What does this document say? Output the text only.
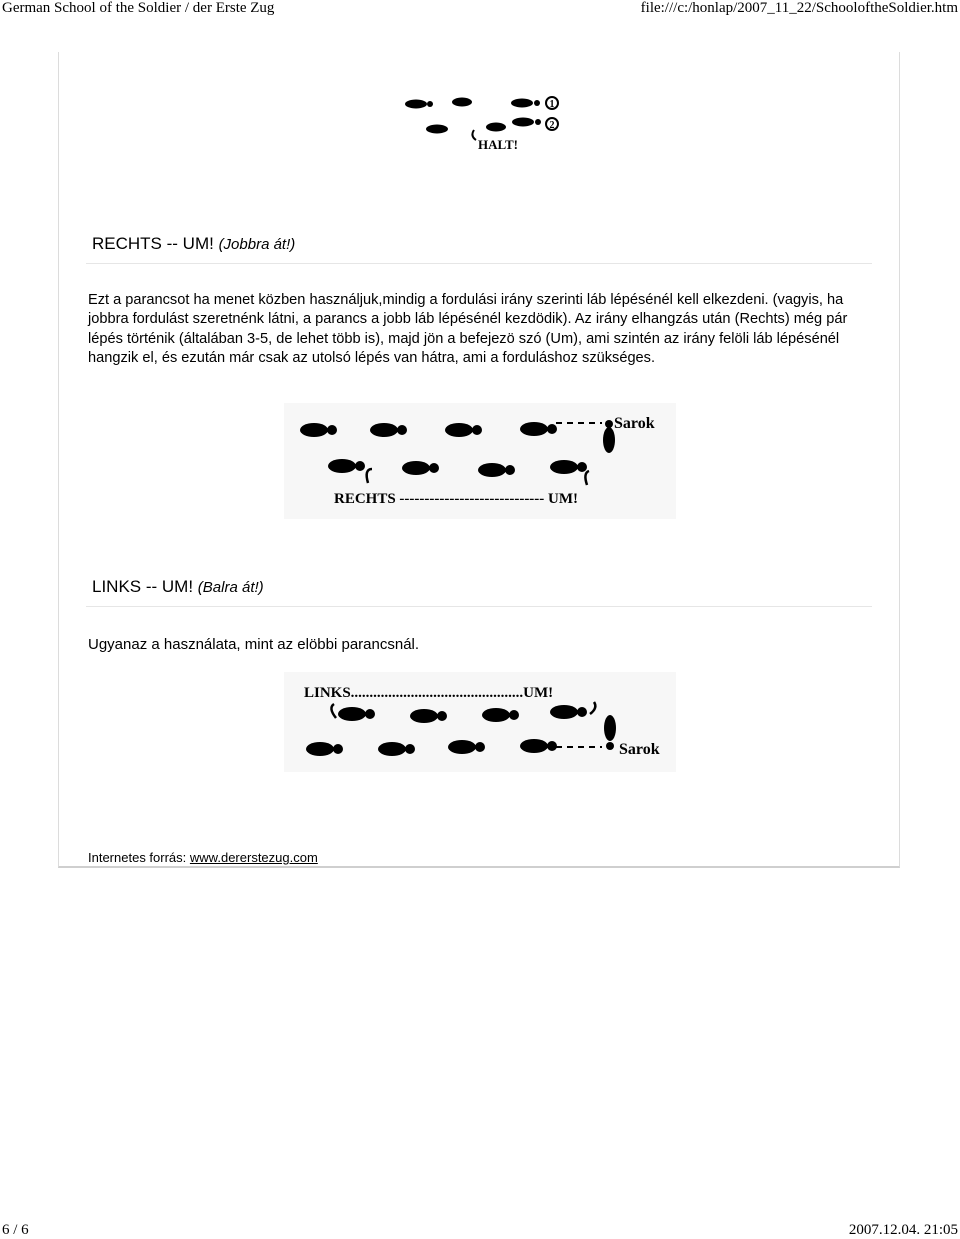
German School of the Soldier / der Erste Zug	file:///c:/honlap/2007_11_22/SchooloftheSoldier.htm
1
2
HALT!
RECHTS -- UM! (Jobbra át!)
Ezt a parancsot ha menet közben használjuk,mindig a fordulási irány szerinti láb lépésénél kell elkezdeni. (vagyis, ha jobbra fordulást szeretnénk látni, a parancs a jobb láb lépésénél kezdödik). Az irány elhangzás után (Rechts) még pár lépés történik (általában 3-5, de lehet több is), majd jön a befejezö szó (Um), ami szintén az irány felöli láb lépésénél hangzik el, és ezután már csak az utolsó lépés van hátra, ami a forduláshoz szükséges.
Sarok
RECHTS ----------------------------- UM!
LINKS -- UM! (Balra át!)
Ugyanaz a használata, mint az elöbbi parancsnál.
LINKS..............................................UM!
Sarok
Internetes forrás: www.dererstezug.com
6 / 6	2007.12.04. 21:05
